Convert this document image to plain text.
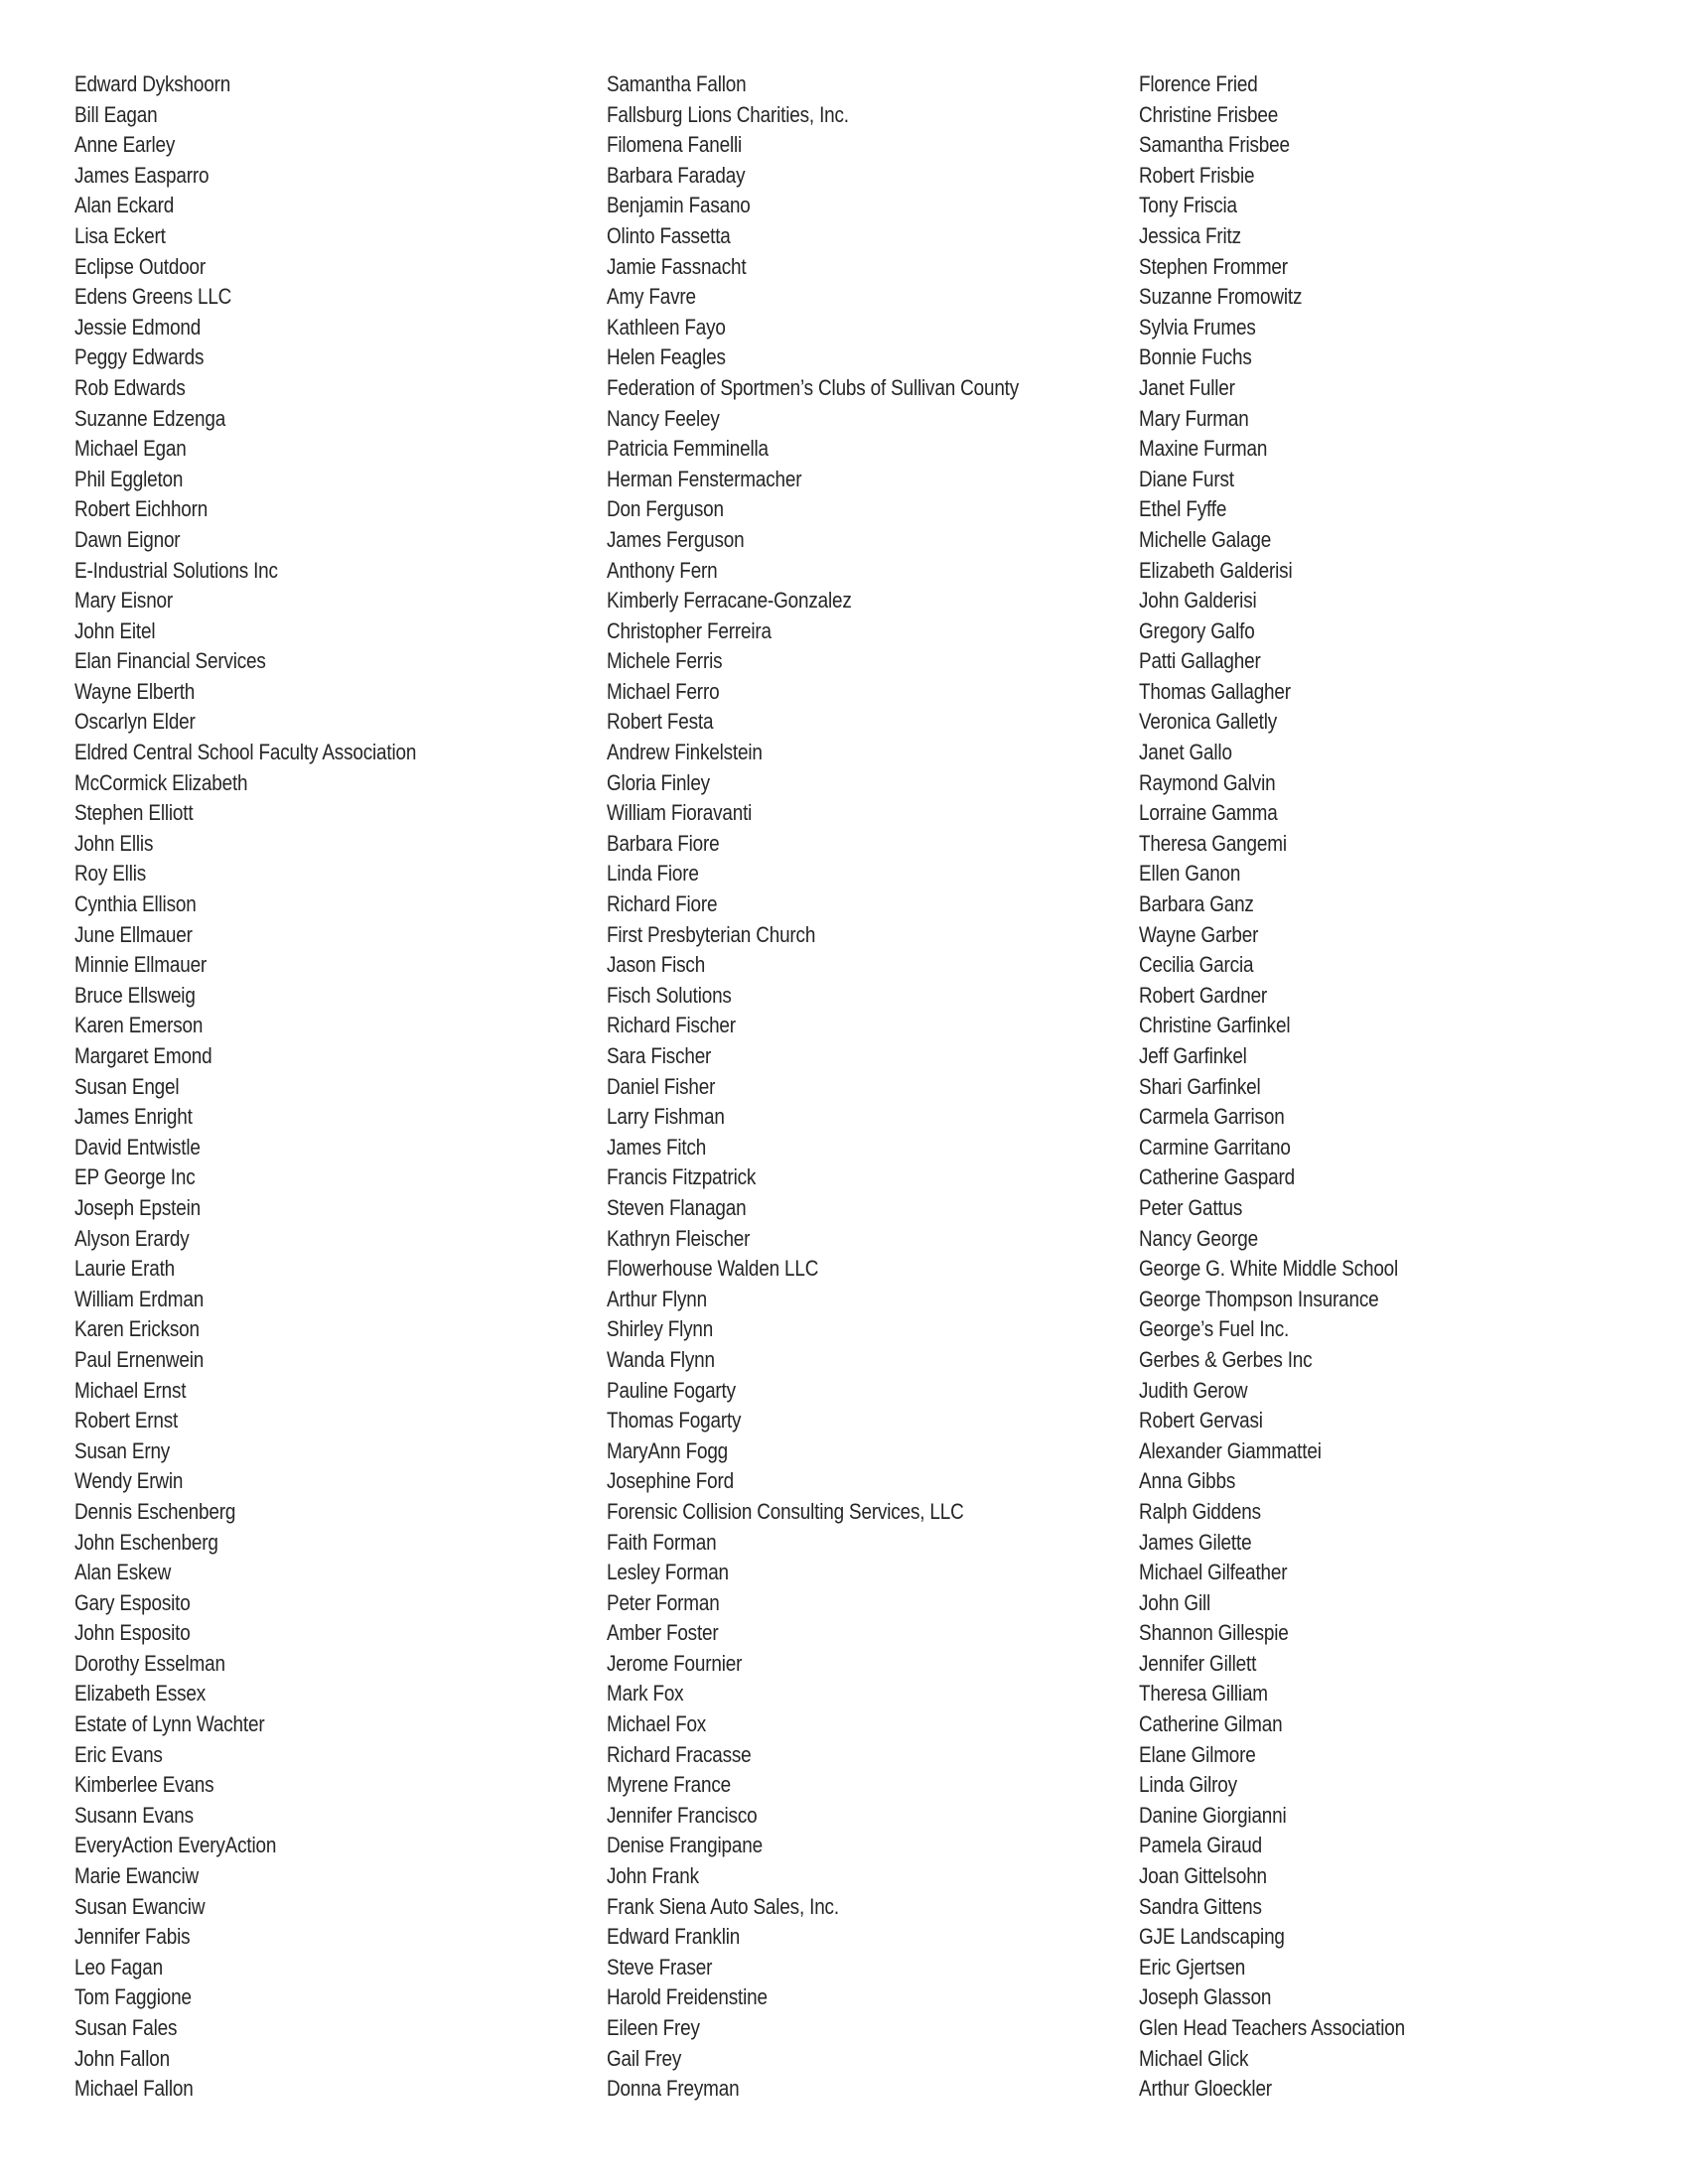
Edward Dykshoorn
Bill Eagan
Anne Earley
James Easparro
Alan Eckard
Lisa Eckert
Eclipse Outdoor
Edens Greens LLC
Jessie Edmond
Peggy Edwards
Rob Edwards
Suzanne Edzenga
Michael Egan
Phil Eggleton
Robert Eichhorn
Dawn Eignor
E-Industrial Solutions Inc
Mary Eisnor
John Eitel
Elan Financial Services
Wayne Elberth
Oscarlyn Elder
Eldred Central School Faculty Association
McCormick Elizabeth
Stephen Elliott
John Ellis
Roy Ellis
Cynthia Ellison
June Ellmauer
Minnie Ellmauer
Bruce Ellsweig
Karen Emerson
Margaret Emond
Susan Engel
James Enright
David Entwistle
EP George Inc
Joseph Epstein
Alyson Erardy
Laurie Erath
William Erdman
Karen Erickson
Paul Ernenwein
Michael Ernst
Robert Ernst
Susan Erny
Wendy Erwin
Dennis Eschenberg
John Eschenberg
Alan Eskew
Gary Esposito
John Esposito
Dorothy Esselman
Elizabeth Essex
Estate of Lynn Wachter
Eric Evans
Kimberlee Evans
Susann Evans
EveryAction EveryAction
Marie Ewanciw
Susan Ewanciw
Jennifer Fabis
Leo Fagan
Tom Faggione
Susan Fales
John Fallon
Michael Fallon
Samantha Fallon
Fallsburg Lions Charities, Inc.
Filomena Fanelli
Barbara Faraday
Benjamin Fasano
Olinto Fassetta
Jamie Fassnacht
Amy Favre
Kathleen Fayo
Helen Feagles
Federation of Sportmen’s Clubs of Sullivan County
Nancy Feeley
Patricia Femminella
Herman Fenstermacher
Don Ferguson
James Ferguson
Anthony Fern
Kimberly Ferracane-Gonzalez
Christopher Ferreira
Michele Ferris
Michael Ferro
Robert Festa
Andrew Finkelstein
Gloria Finley
William Fioravanti
Barbara Fiore
Linda Fiore
Richard Fiore
First Presbyterian Church
Jason Fisch
Fisch Solutions
Richard Fischer
Sara Fischer
Daniel Fisher
Larry Fishman
James Fitch
Francis Fitzpatrick
Steven Flanagan
Kathryn Fleischer
Flowerhouse Walden LLC
Arthur Flynn
Shirley Flynn
Wanda Flynn
Pauline Fogarty
Thomas Fogarty
MaryAnn Fogg
Josephine Ford
Forensic Collision Consulting Services, LLC
Faith Forman
Lesley Forman
Peter Forman
Amber Foster
Jerome Fournier
Mark Fox
Michael Fox
Richard Fracasse
Myrene France
Jennifer Francisco
Denise Frangipane
John Frank
Frank Siena Auto Sales, Inc.
Edward Franklin
Steve Fraser
Harold Freidenstine
Eileen Frey
Gail Frey
Donna Freyman
Florence Fried
Christine Frisbee
Samantha Frisbee
Robert Frisbie
Tony Friscia
Jessica Fritz
Stephen Frommer
Suzanne Fromowitz
Sylvia Frumes
Bonnie Fuchs
Janet Fuller
Mary Furman
Maxine Furman
Diane Furst
Ethel Fyffe
Michelle Galage
Elizabeth Galderisi
John Galderisi
Gregory Galfo
Patti Gallagher
Thomas Gallagher
Veronica Galletly
Janet Gallo
Raymond Galvin
Lorraine Gamma
Theresa Gangemi
Ellen Ganon
Barbara Ganz
Wayne Garber
Cecilia Garcia
Robert Gardner
Christine Garfinkel
Jeff Garfinkel
Shari Garfinkel
Carmela Garrison
Carmine Garritano
Catherine Gaspard
Peter Gattus
Nancy George
George G. White Middle School
George Thompson Insurance
George’s Fuel Inc.
Gerbes & Gerbes Inc
Judith Gerow
Robert Gervasi
Alexander Giammattei
Anna Gibbs
Ralph Giddens
James Gilette
Michael Gilfeather
John Gill
Shannon Gillespie
Jennifer Gillett
Theresa Gilliam
Catherine Gilman
Elane Gilmore
Linda Gilroy
Danine Giorgianni
Pamela Giraud
Joan Gittelsohn
Sandra Gittens
GJE Landscaping
Eric Gjertsen
Joseph Glasson
Glen Head Teachers Association
Michael Glick
Arthur Gloeckler
